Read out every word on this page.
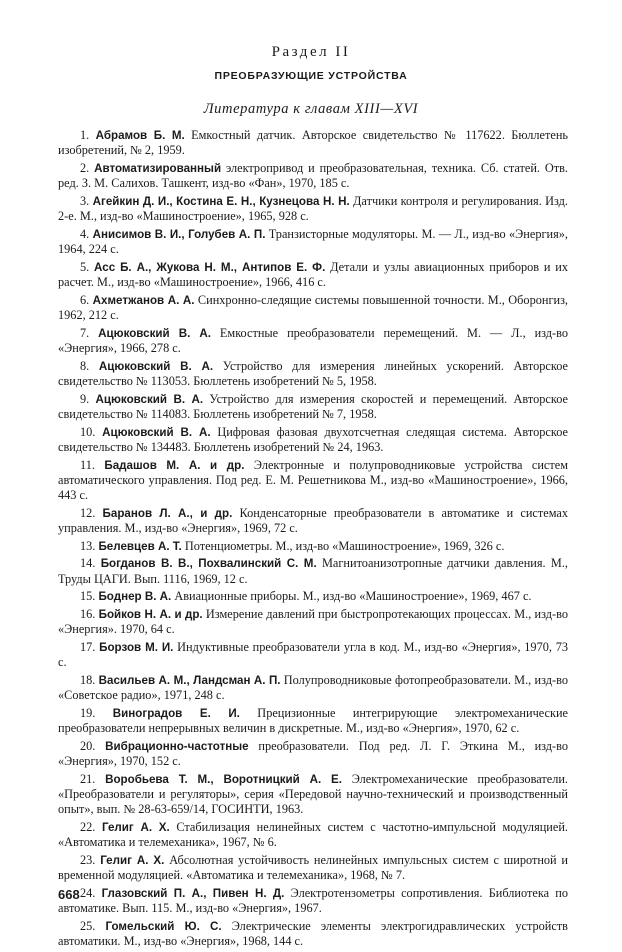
Раздел II
ПРЕОБРАЗУЮЩИЕ УСТРОЙСТВА
Литература к главам XIII—XVI

1. Абрамов Б. М. Емкостный датчик. Авторское свидетельство № 117622. Бюллетень изобретений, № 2, 1959.

2. Автоматизированный электропривод и преобразовательная, техника. Сб. статей. Отв. ред. З. М. Салихов. Ташкент, изд-во «Фан», 1970, 185 с.

3. Агейкин Д. И., Костина Е. Н., Кузнецова Н. Н. Датчики контроля и регулирования. Изд. 2-е. М., изд-во «Машиностроение», 1965, 928 с.

4. Анисимов В. И., Голубев А. П. Транзисторные модуляторы. М. — Л., изд-во «Энергия», 1964, 224 с.

5. Асс Б. А., Жукова Н. М., Антипов Е. Ф. Детали и узлы авиационных приборов и их расчет. М., изд-во «Машиностроение», 1966, 416 с.

6. Ахметжанов А. А. Синхронно-следящие системы повышенной точности. М., Оборонгиз, 1962, 212 с.

7. Ацюковский В. А. Емкостные преобразователи перемещений. М. — Л., изд-во «Энергия», 1966, 278 с.

8. Ацюковский В. А. Устройство для измерения линейных ускорений. Авторское свидетельство № 113053. Бюллетень изобретений № 5, 1958.

9. Ацюковский В. А. Устройство для измерения скоростей и перемещений. Авторское свидетельство № 114083. Бюллетень изобретений № 7, 1958.

10. Ацюковский В. А. Цифровая фазовая двухотсчетная следящая система. Авторское свидетельство № 134483. Бюллетень изобретений № 24, 1963.

11. Бадашов М. А. и др. Электронные и полупроводниковые устройства систем автоматического управления. Под ред. Е. М. Решетникова М., изд-во «Машиностроение», 1966, 443 с.

12. Баранов Л. А., и др. Конденсаторные преобразователи в автоматике и системах управления. М., изд-во «Энергия», 1969, 72 с.

13. Белевцев А. Т. Потенциометры. М., изд-во «Машиностроение», 1969, 326 с.

14. Богданов В. В., Похвалинский С. М. Магнитоанизотропные датчики давления. М., Труды ЦАГИ. Вып. 1116, 1969, 12 с.

15. Боднер В. А. Авиационные приборы. М., изд-во «Машиностроение», 1969, 467 с.

16. Бойков Н. А. и др. Измерение давлений при быстропротекающих процессах. М., изд-во «Энергия». 1970, 64 с.

17. Борзов М. И. Индуктивные преобразователи угла в код. М., изд-во «Энергия», 1970, 73 с.

18. Васильев А. М., Ландсман А. П. Полупроводниковые фотопреобразователи. М., изд-во «Советское радио», 1971, 248 с.

19. Виноградов Е. И. Прецизионные интегрирующие электромеханические преобразователи непрерывных величин в дискретные. М., изд-во «Энергия», 1970, 62 с.

20. Вибрационно-частотные преобразователи. Под ред. Л. Г. Эткина М., изд-во «Энергия», 1970, 152 с.

21. Воробьева Т. М., Воротницкий А. Е. Электромеханические преобразователи. «Преобразователи и регуляторы», серия «Передовой научно-технический и производственный опыт», вып. № 28-63-659/14, ГОСИНТИ, 1963.

22. Гелиг А. Х. Стабилизация нелинейных систем с частотно-импульсной модуляцией. «Автоматика и телемеханика», 1967, № 6.

23. Гелиг А. Х. Абсолютная устойчивость нелинейных импульсных систем с широтной и временной модуляцией. «Автоматика и телемеханика», 1968, № 7.

24. Глазовский П. А., Пивен Н. Д. Электротензометры сопротивления. Библиотека по автоматике. Вып. 115. М., изд-во «Энергия», 1967.

25. Гомельский Ю. С. Электрические элементы электрогидравлических устройств автоматики. М., изд-во «Энергия», 1968, 144 с.

668
